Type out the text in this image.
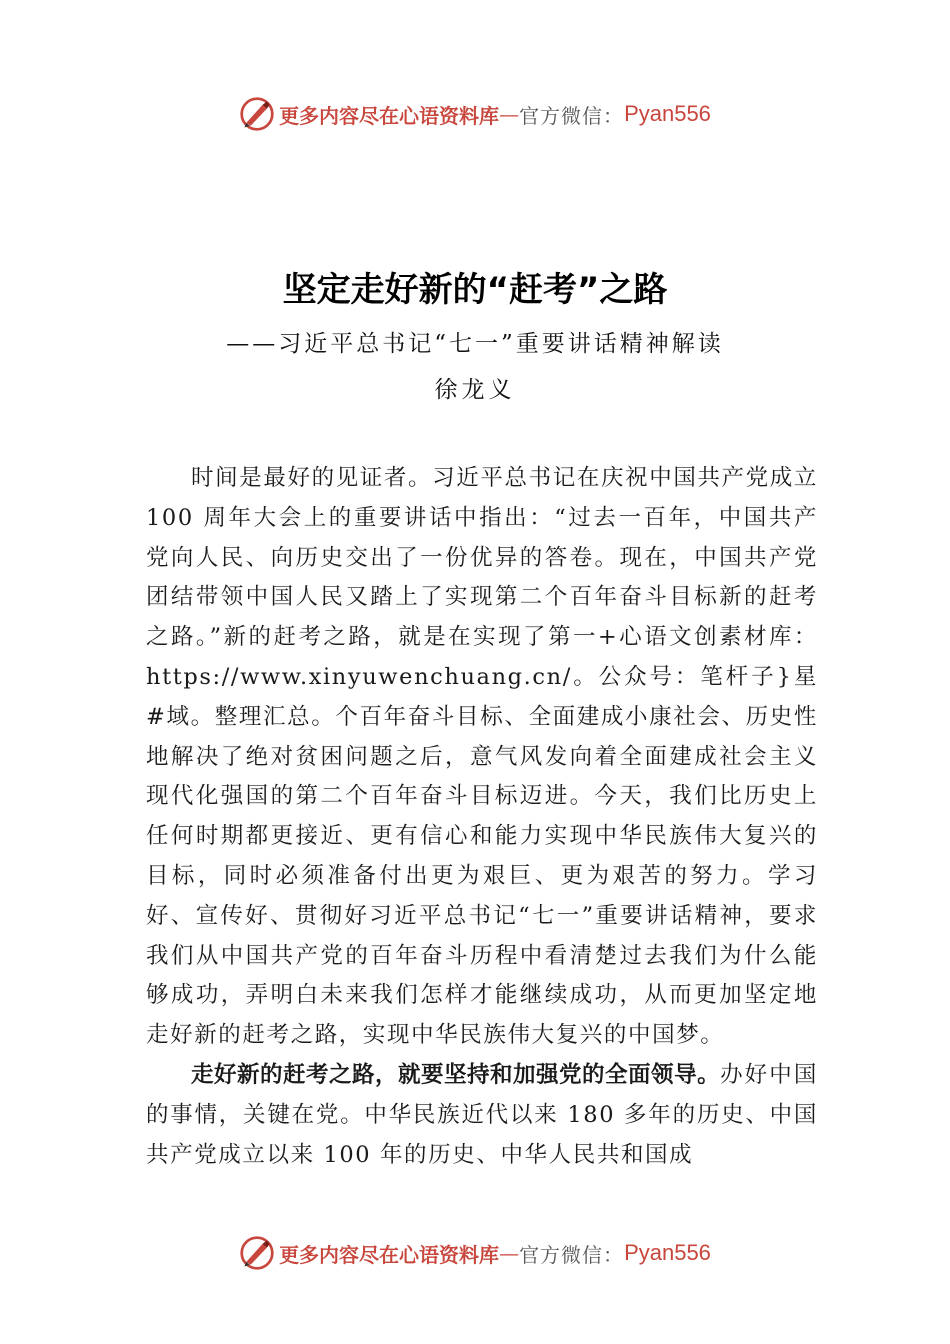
更多内容尽在心语资料库 — 官方微信： Pyan556
坚定走好新的“赶考”之路
——习近平总书记“七一”重要讲话精神解读
徐龙义

时间是最好的见证者。习近平总书记在庆祝中国共产党成立 100 周年大会上的重要讲话中指出：“过去一百年，中国共产党向人民、向历史交出了一份优异的答卷。现在，中国共产党团结带领中国人民又踏上了实现第二个百年奋斗目标新的赶考之路。”新的赶考之路，就是在实现了第一+心语文创素材库：https://www.xinyuwenchuang.cn/。公众号：笔杆子}星#域。整理汇总。个百年奋斗目标、全面建成小康社会、历史性地解决了绝对贫困问题之后，意气风发向着全面建成社会主义现代化强国的第二个百年奋斗目标迈进。今天，我们比历史上任何时期都更接近、更有信心和能力实现中华民族伟大复兴的目标，同时必须准备付出更为艰巨、更为艰苦的努力。学习好、宣传好、贯彻好习近平总书记“七一”重要讲话精神，要求我们从中国共产党的百年奋斗历程中看清楚过去我们为什么能够成功，弄明白未来我们怎样才能继续成功，从而更加坚定地走好新的赶考之路，实现中华民族伟大复兴的中国梦。

走好新的赶考之路，就要坚持和加强党的全面领导。办好中国的事情，关键在党。中华民族近代以来 180 多年的历史、中国共产党成立以来 100 年的历史、中华人民共和国成

更多内容尽在心语资料库 — 官方微信： Pyan556
